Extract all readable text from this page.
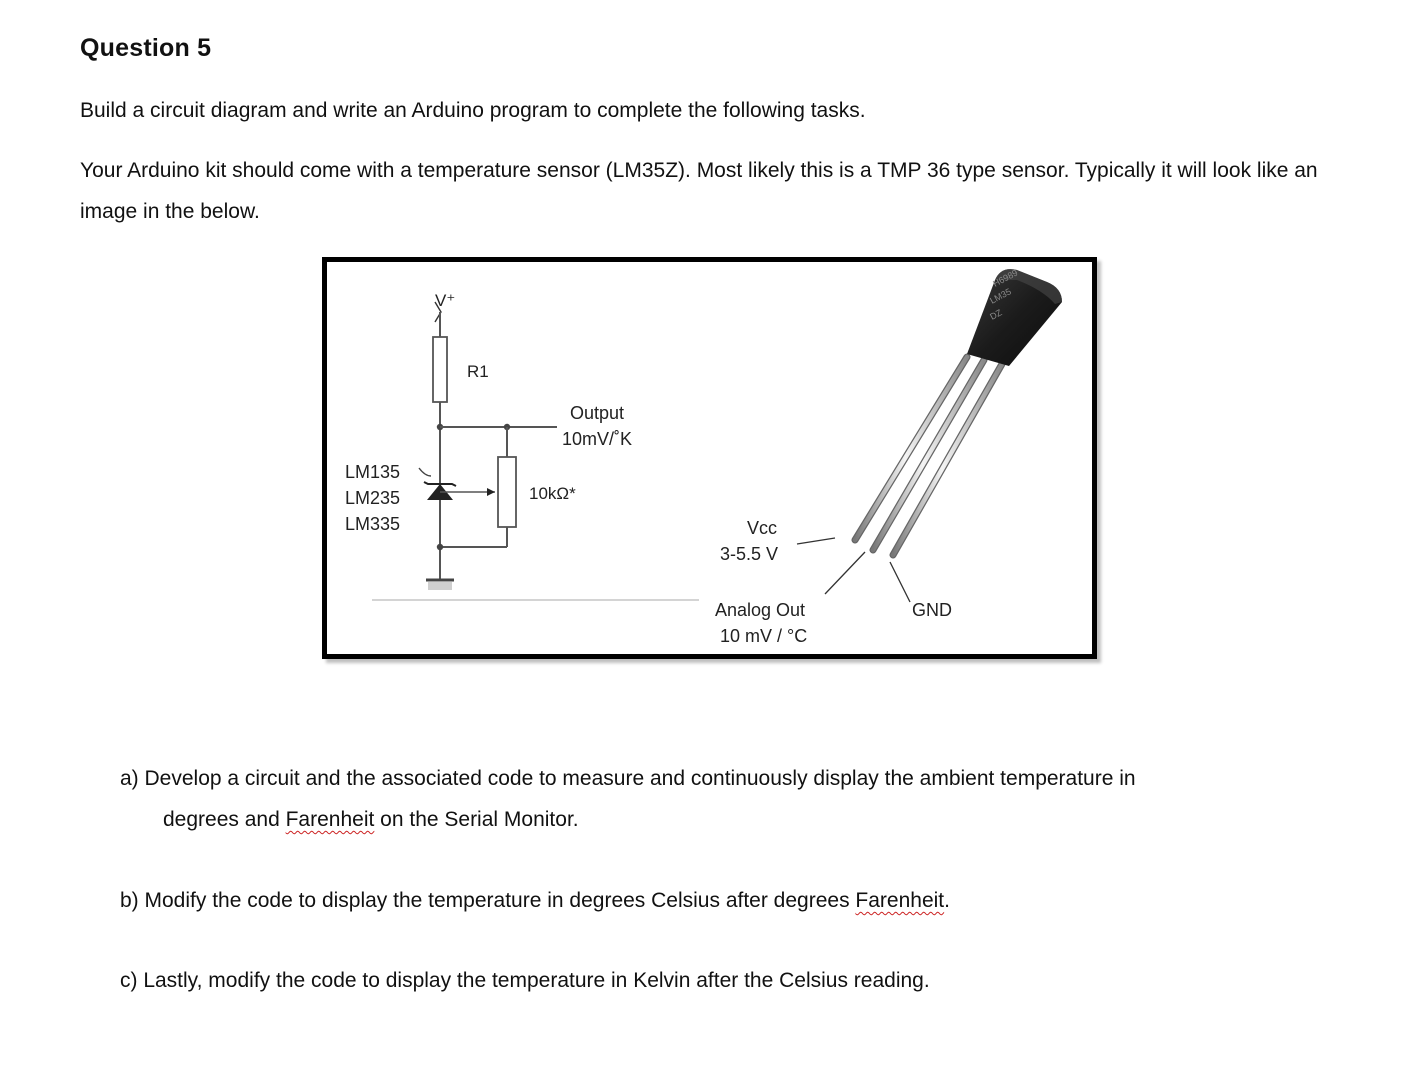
Question 5
Build a circuit diagram and write an Arduino program to complete the following tasks.
Your Arduino kit should come with a temperature sensor (LM35Z). Most likely this is a TMP 36 type sensor. Typically it will look like an image in the below.
V⁺
R1
Output
10mV/˚K
10kΩ*
LM135
LM235
LM335
H6989
LM35
DZ
Vcc
3-5.5 V
Analog Out
10 mV / °C
GND
a) Develop a circuit and the associated code to measure and continuously display the ambient temperature in
degrees and Farenheit on the Serial Monitor.
b) Modify the code to display the temperature in degrees Celsius after degrees Farenheit.
c) Lastly, modify the code to display the temperature in Kelvin after the Celsius reading.
